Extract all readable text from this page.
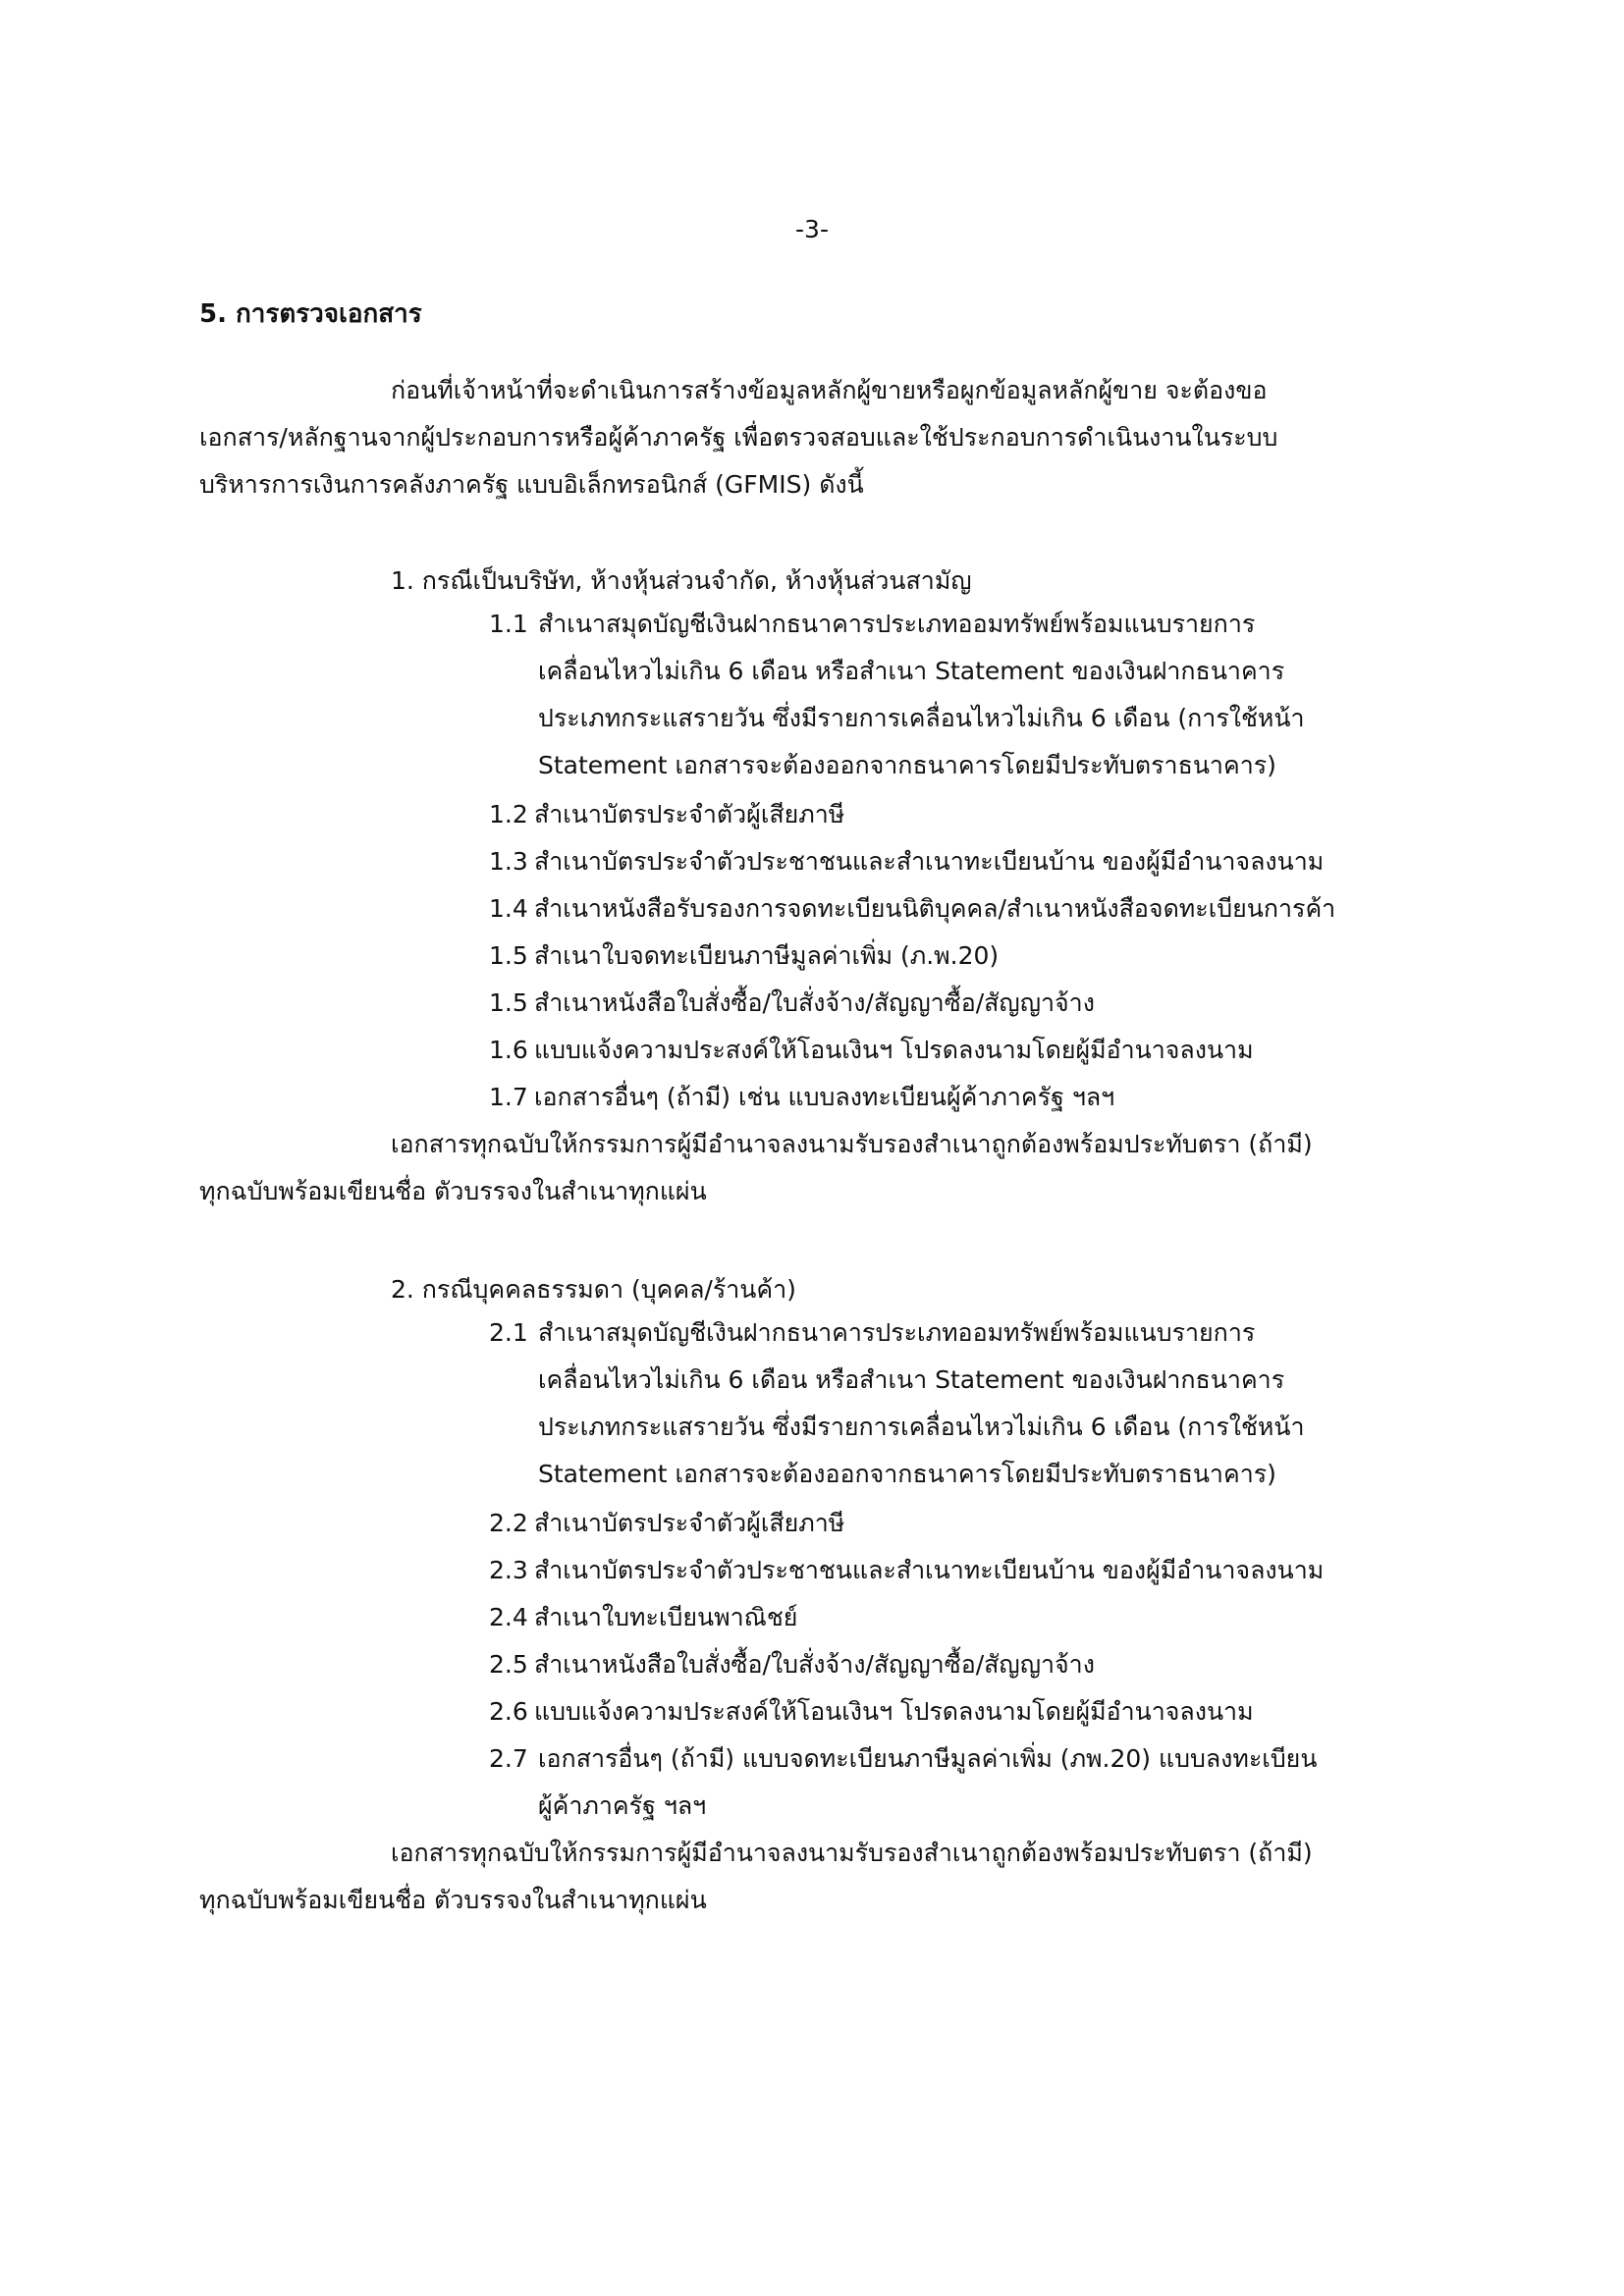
-3-
5. การตรวจเอกสาร
ก่อนที่เจ้าหน้าที่จะดำเนินการสร้างข้อมูลหลักผู้ขายหรือผูกข้อมูลหลักผู้ขาย จะต้องขอ
เอกสาร/หลักฐานจากผู้ประกอบการหรือผู้ค้าภาครัฐ เพื่อตรวจสอบและใช้ประกอบการดำเนินงานในระบบ
บริหารการเงินการคลังภาครัฐ แบบอิเล็กทรอนิกส์ (GFMIS) ดังนี้
1. กรณีเป็นบริษัท, ห้างหุ้นส่วนจำกัด, ห้างหุ้นส่วนสามัญ
1.1 สำเนาสมุดบัญชีเงินฝากธนาคารประเภทออมทรัพย์พร้อมแนบรายการ
เคลื่อนไหวไม่เกิน 6 เดือน หรือสำเนา Statement ของเงินฝากธนาคาร
ประเภทกระแสรายวัน ซึ่งมีรายการเคลื่อนไหวไม่เกิน 6 เดือน (การใช้หน้า
Statement เอกสารจะต้องออกจากธนาคารโดยมีประทับตราธนาคาร)
1.2 สำเนาบัตรประจำตัวผู้เสียภาษี
1.3 สำเนาบัตรประจำตัวประชาชนและสำเนาทะเบียนบ้าน ของผู้มีอำนาจลงนาม
1.4 สำเนาหนังสือรับรองการจดทะเบียนนิติบุคคล/สำเนาหนังสือจดทะเบียนการค้า
1.5 สำเนาใบจดทะเบียนภาษีมูลค่าเพิ่ม (ภ.พ.20)
1.5 สำเนาหนังสือใบสั่งซื้อ/ใบสั่งจ้าง/สัญญาซื้อ/สัญญาจ้าง
1.6 แบบแจ้งความประสงค์ให้โอนเงินฯ โปรดลงนามโดยผู้มีอำนาจลงนาม
1.7 เอกสารอื่นๆ (ถ้ามี) เช่น แบบลงทะเบียนผู้ค้าภาครัฐ ฯลฯ
เอกสารทุกฉบับให้กรรมการผู้มีอำนาจลงนามรับรองสำเนาถูกต้องพร้อมประทับตรา (ถ้ามี)
ทุกฉบับพร้อมเขียนชื่อ ตัวบรรจงในสำเนาทุกแผ่น
2. กรณีบุคคลธรรมดา (บุคคล/ร้านค้า)
2.1 สำเนาสมุดบัญชีเงินฝากธนาคารประเภทออมทรัพย์พร้อมแนบรายการ
เคลื่อนไหวไม่เกิน 6 เดือน หรือสำเนา Statement ของเงินฝากธนาคาร
ประเภทกระแสรายวัน ซึ่งมีรายการเคลื่อนไหวไม่เกิน 6 เดือน (การใช้หน้า
Statement เอกสารจะต้องออกจากธนาคารโดยมีประทับตราธนาคาร)
2.2 สำเนาบัตรประจำตัวผู้เสียภาษี
2.3 สำเนาบัตรประจำตัวประชาชนและสำเนาทะเบียนบ้าน ของผู้มีอำนาจลงนาม
2.4 สำเนาใบทะเบียนพาณิชย์
2.5 สำเนาหนังสือใบสั่งซื้อ/ใบสั่งจ้าง/สัญญาซื้อ/สัญญาจ้าง
2.6 แบบแจ้งความประสงค์ให้โอนเงินฯ โปรดลงนามโดยผู้มีอำนาจลงนาม
2.7 เอกสารอื่นๆ (ถ้ามี) แบบจดทะเบียนภาษีมูลค่าเพิ่ม (ภพ.20) แบบลงทะเบียน
ผู้ค้าภาครัฐ ฯลฯ
เอกสารทุกฉบับให้กรรมการผู้มีอำนาจลงนามรับรองสำเนาถูกต้องพร้อมประทับตรา (ถ้ามี)
ทุกฉบับพร้อมเขียนชื่อ ตัวบรรจงในสำเนาทุกแผ่น
